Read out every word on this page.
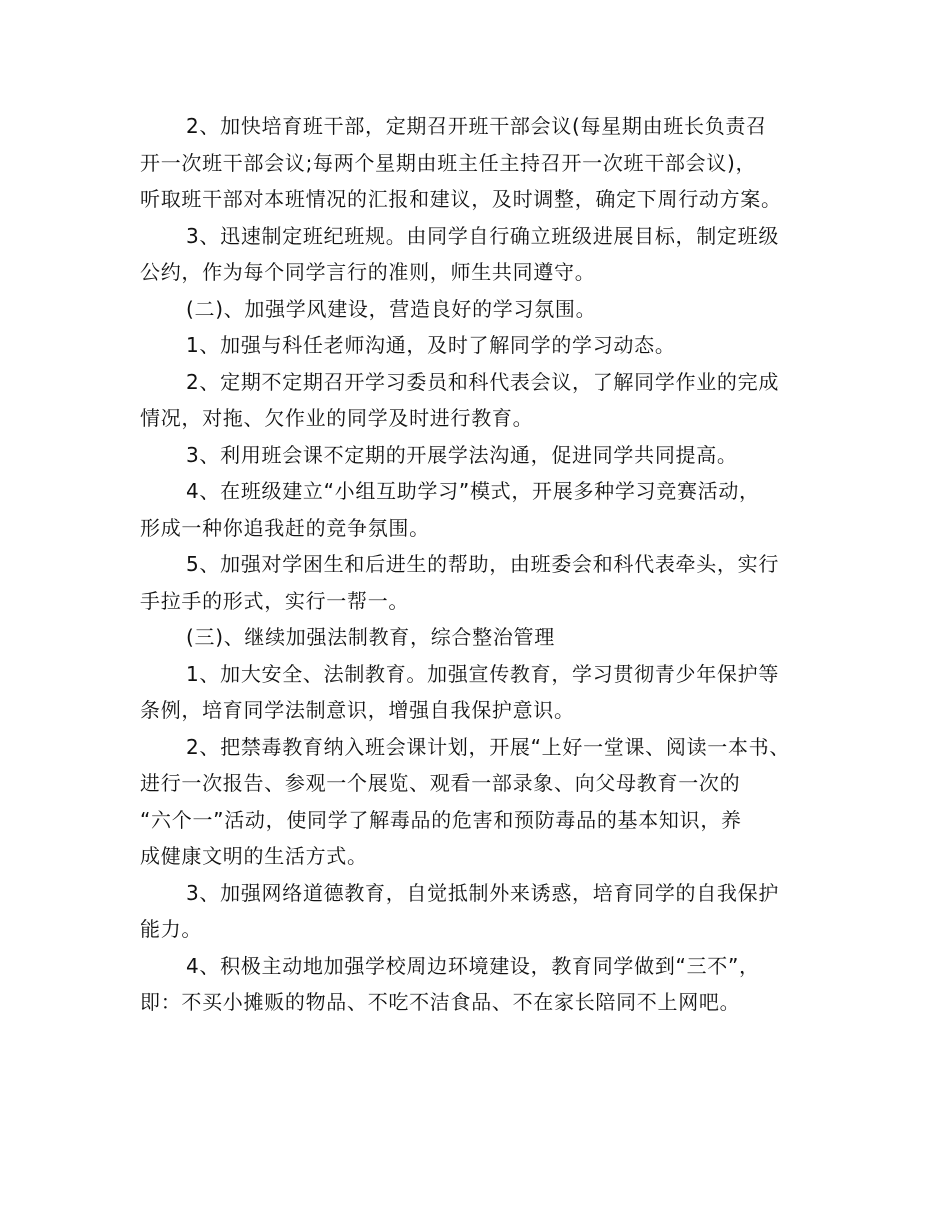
2、加快培育班干部，定期召开班干部会议(每星期由班长负责召
开一次班干部会议;每两个星期由班主任主持召开一次班干部会议)，
听取班干部对本班情况的汇报和建议，及时调整，确定下周行动方案。

3、迅速制定班纪班规。由同学自行确立班级进展目标，制定班级
公约，作为每个同学言行的准则，师生共同遵守。

(二)、加强学风建设，营造良好的学习氛围。

1、加强与科任老师沟通，及时了解同学的学习动态。

2、定期不定期召开学习委员和科代表会议，了解同学作业的完成
情况，对拖、欠作业的同学及时进行教育。

3、利用班会课不定期的开展学法沟通，促进同学共同提高。

4、在班级建立“小组互助学习”模式，开展多种学习竞赛活动，
形成一种你追我赶的竞争氛围。

5、加强对学困生和后进生的帮助，由班委会和科代表牵头，实行
手拉手的形式，实行一帮一。

(三)、继续加强法制教育，综合整治管理

1、加大安全、法制教育。加强宣传教育，学习贯彻青少年保护等
条例，培育同学法制意识，增强自我保护意识。

2、把禁毒教育纳入班会课计划，开展“上好一堂课、阅读一本书、
进行一次报告、参观一个展览、观看一部录象、向父母教育一次的
“六个一”活动，使同学了解毒品的危害和预防毒品的基本知识，养
成健康文明的生活方式。

3、加强网络道德教育，自觉抵制外来诱惑，培育同学的自我保护
能力。

4、积极主动地加强学校周边环境建设，教育同学做到“三不”，
即：不买小摊贩的物品、不吃不洁食品、不在家长陪同不上网吧。
